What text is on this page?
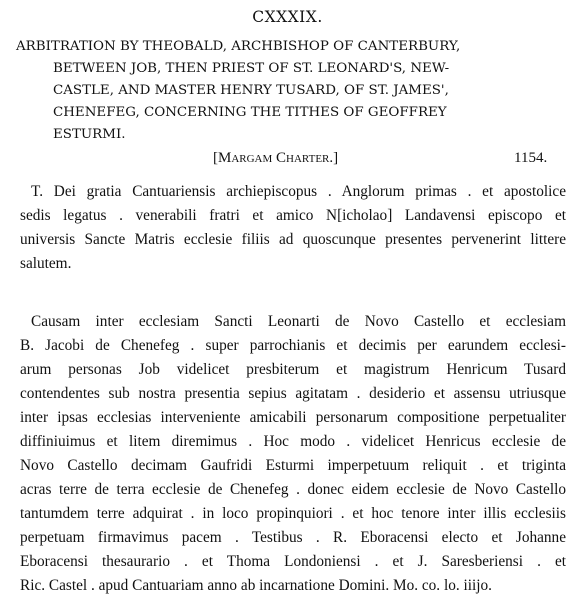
CXXXIX.
ARBITRATION BY THEOBALD, ARCHBISHOP OF CANTERBURY,
BETWEEN JOB, THEN PRIEST OF ST. LEONARD'S, NEW-
CASTLE, AND MASTER HENRY TUSARD, OF ST. JAMES',
CHENEFEG, CONCERNING THE TITHES OF GEOFFREY
ESTURMI.
[Margam Charter.]	1154.
T. Dei gratia Cantuariensis archiepiscopus . Anglorum primas . et apostolice
sedis legatus . venerabili fratri et amico N[icholao] Landavensi episcopo et
universis Sancte Matris ecclesie filiis ad quoscunque presentes pervenerint littere
salutem.
Causam inter ecclesiam Sancti Leonarti de Novo Castello et ecclesiam
B. Jacobi de Chenefeg . super parrochianis et decimis per earundem ecclesi-
arum personas Job videlicet presbiterum et magistrum Henricum Tusard
contendentes sub nostra presentia sepius agitatam . desiderio et assensu utriusque
inter ipsas ecclesias interveniente amicabili personarum compositione perpetualiter
diffiniuimus et litem diremimus . Hoc modo . videlicet Henricus ecclesie de
Novo Castello decimam Gaufridi Esturmi imperpetuum reliquit . et triginta
acras terre de terra ecclesie de Chenefeg . donec eidem ecclesie de Novo Castello
tantumdem terre adquirat . in loco propinquiori . et hoc tenore inter illis ecclesiis
perpetuam firmavimus pacem . Testibus . R. Eboracensi electo et Johanne
Eboracensi thesaurario . et Thoma Londoniensi . et J. Saresberiensi . et
Ric. Castel . apud Cantuariam anno ab incarnatione Domini. Mo. co. lo. iiijo.
